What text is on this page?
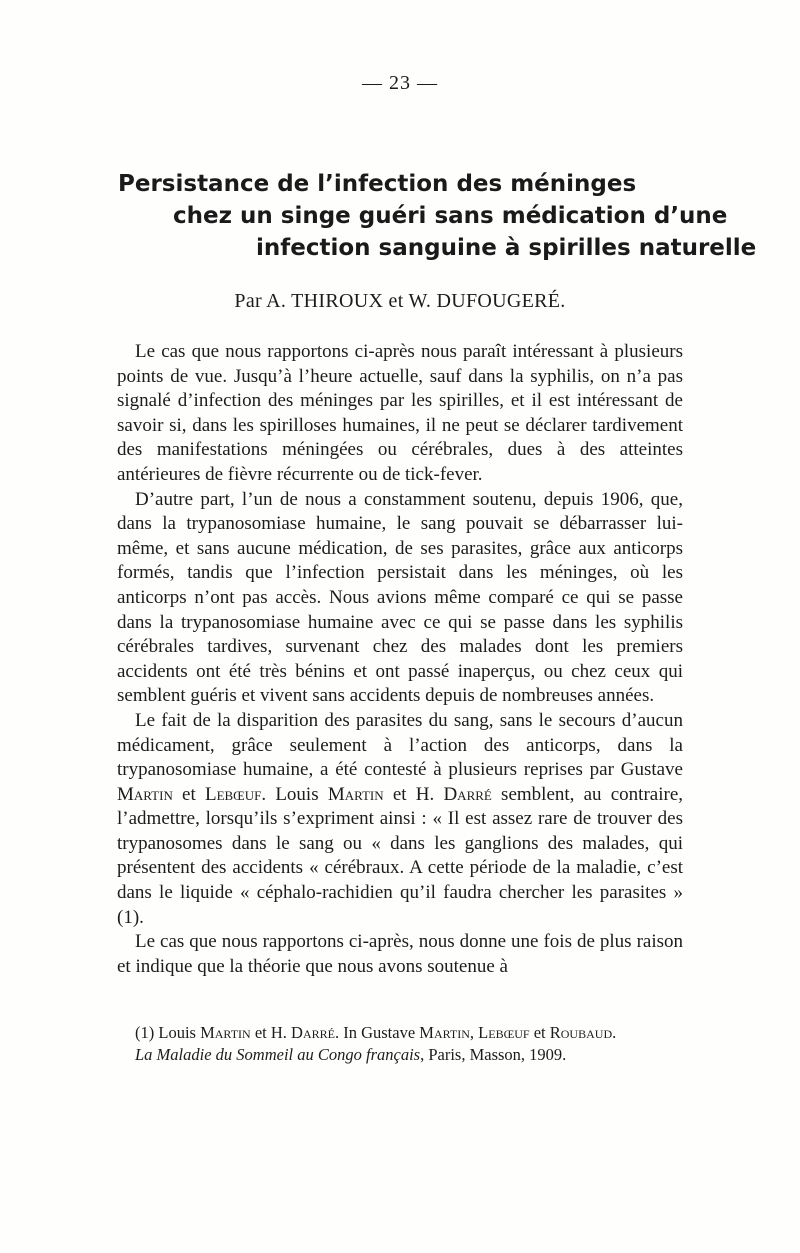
— 23 —
Persistance de l’infection des méninges
chez un singe guéri sans médication d’une
infection sanguine à spirilles naturelle
Par A. THIROUX et W. DUFOUGERÉ.

Le cas que nous rapportons ci-après nous paraît intéressant à plusieurs points de vue. Jusqu’à l’heure actuelle, sauf dans la syphilis, on n’a pas signalé d’infection des méninges par les spirilles, et il est intéressant de savoir si, dans les spirilloses humaines, il ne peut se déclarer tardivement des manifestations méningées ou cérébrales, dues à des atteintes antérieures de fièvre récurrente ou de tick-fever.

D’autre part, l’un de nous a constamment soutenu, depuis 1906, que, dans la trypanosomiase humaine, le sang pouvait se débarrasser lui-même, et sans aucune médication, de ses parasites, grâce aux anticorps formés, tandis que l’infection persistait dans les méninges, où les anticorps n’ont pas accès. Nous avions même comparé ce qui se passe dans la trypanosomiase humaine avec ce qui se passe dans les syphilis cérébrales tardives, survenant chez des malades dont les premiers accidents ont été très bénins et ont passé inaperçus, ou chez ceux qui semblent guéris et vivent sans accidents depuis de nombreuses années.

Le fait de la disparition des parasites du sang, sans le secours d’aucun médicament, grâce seulement à l’action des anticorps, dans la trypanosomiase humaine, a été contesté à plusieurs reprises par Gustave Martin et Lebœuf. Louis Martin et H. Darré semblent, au contraire, l’admettre, lorsqu’ils s’expriment ainsi : « Il est assez rare de trouver des trypanosomes dans le sang ou « dans les ganglions des malades, qui présentent des accidents « cérébraux. A cette période de la maladie, c’est dans le liquide « céphalo-rachidien qu’il faudra chercher les parasites » (1).

Le cas que nous rapportons ci-après, nous donne une fois de plus raison et indique que la théorie que nous avons soutenue à

(1) Louis Martin et H. Darré. In Gustave Martin, Lebœuf et Roubaud.
La Maladie du Sommeil au Congo français, Paris, Masson, 1909.
